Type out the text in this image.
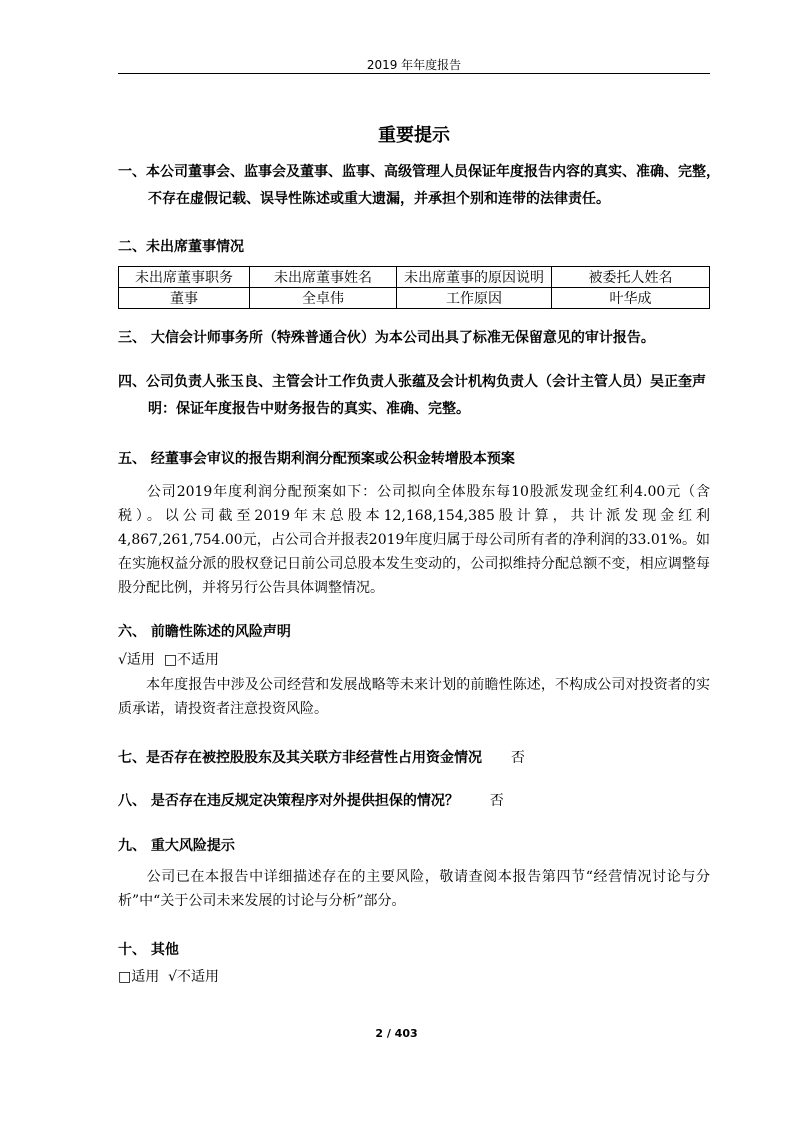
2019 年年度报告
重要提示
一、本公司董事会、监事会及董事、监事、高级管理人员保证年度报告内容的真实、准确、完整，
不存在虚假记载、误导性陈述或重大遗漏，并承担个别和连带的法律责任。
二、未出席董事情况
未出席董事职务	未出席董事姓名	未出席董事的原因说明	被委托人姓名
董事	全卓伟	工作原因	叶华成
三、 大信会计师事务所（特殊普通合伙）为本公司出具了标准无保留意见的审计报告。
四、公司负责人张玉良、主管会计工作负责人张蕴及会计机构负责人（会计主管人员）吴正奎声
明：保证年度报告中财务报告的真实、准确、完整。
五、 经董事会审议的报告期利润分配预案或公积金转增股本预案
公司2019年度利润分配预案如下：公司拟向全体股东每10股派发现金红利4.00元（含税）。以公司截至2019年末总股本12,168,154,385股计算，共计派发现金红利4,867,261,754.00元，占公司合并报表2019年度归属于母公司所有者的净利润的33.01%。如在实施权益分派的股权登记日前公司总股本发生变动的，公司拟维持分配总额不变，相应调整每股分配比例，并将另行公告具体调整情况。
六、 前瞻性陈述的风险声明
√适用 □不适用
本年度报告中涉及公司经营和发展战略等未来计划的前瞻性陈述，不构成公司对投资者的实质承诺，请投资者注意投资风险。
七、是否存在被控股股东及其关联方非经营性占用资金情况 否
八、 是否存在违反规定决策程序对外提供担保的情况？ 否
九、 重大风险提示
公司已在本报告中详细描述存在的主要风险，敬请查阅本报告第四节“经营情况讨论与分析”中“关于公司未来发展的讨论与分析”部分。
十、 其他
□适用 √不适用
2 / 403
